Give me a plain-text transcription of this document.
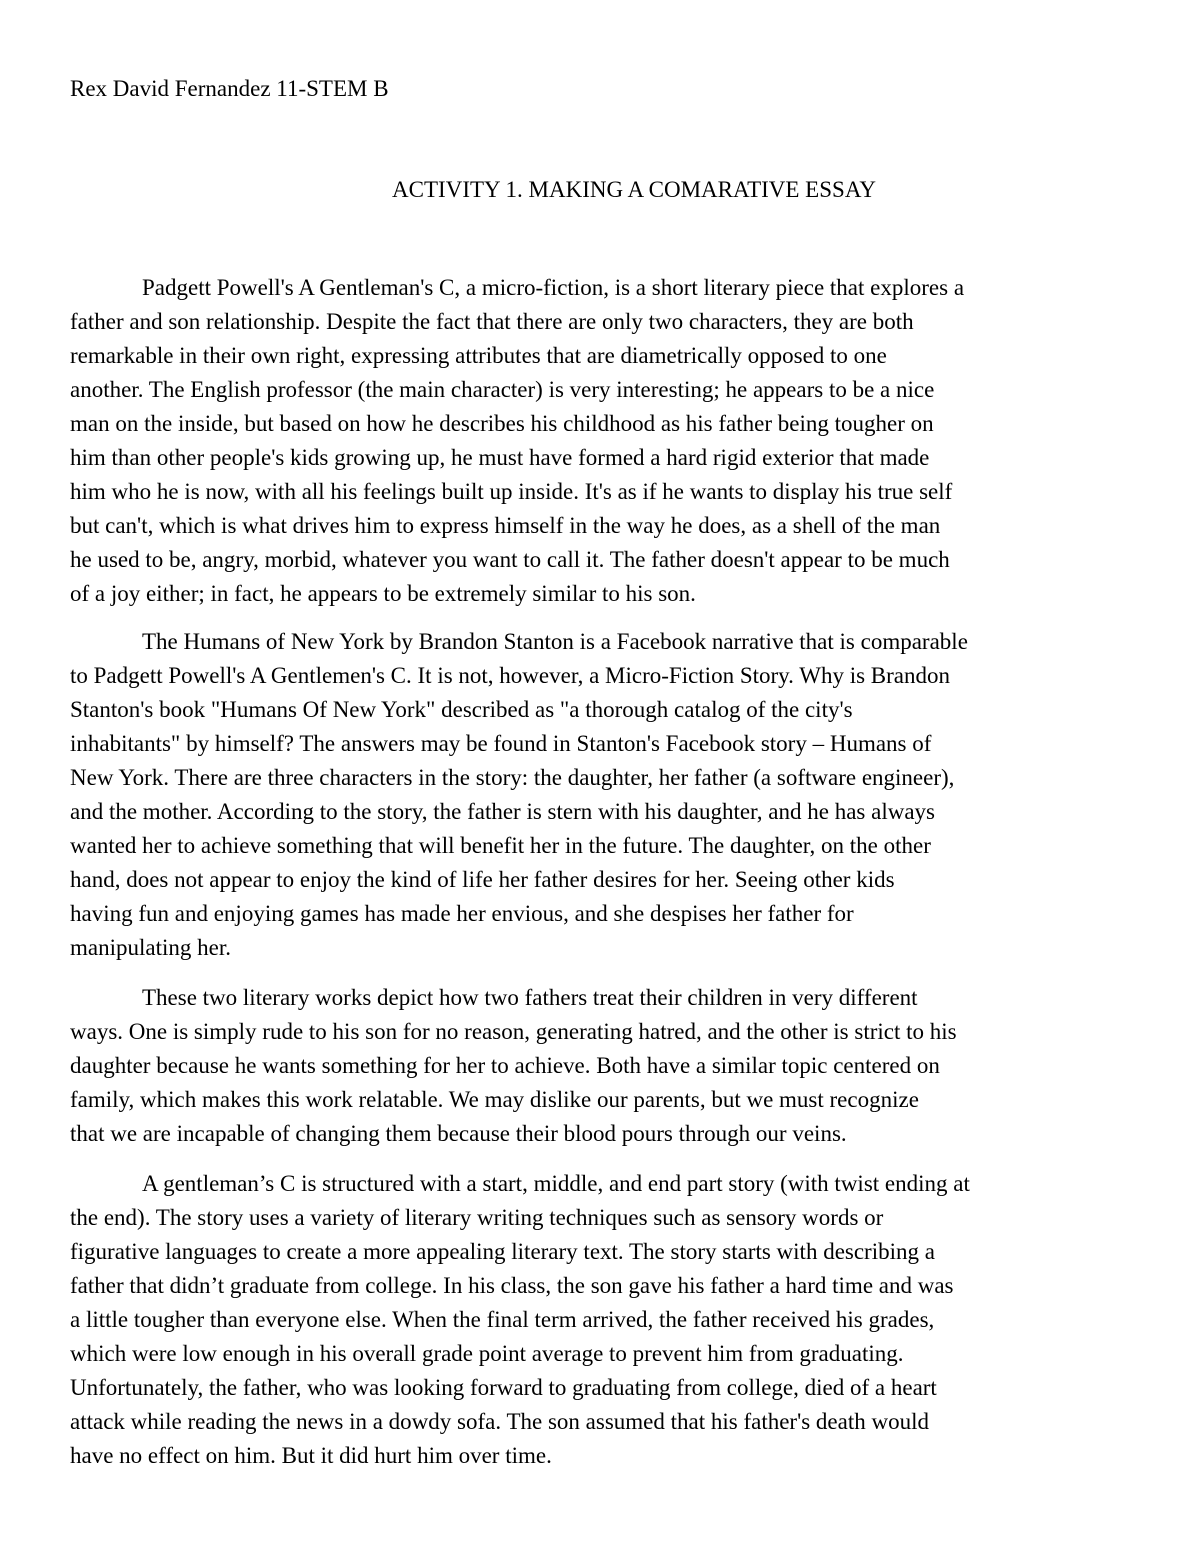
Rex David Fernandez 11-STEM B
ACTIVITY 1. MAKING A COMARATIVE ESSAY
Padgett Powell's A Gentleman's C, a micro-fiction, is a short literary piece that explores a
father and son relationship. Despite the fact that there are only two characters, they are both
remarkable in their own right, expressing attributes that are diametrically opposed to one
another. The English professor (the main character) is very interesting; he appears to be a nice
man on the inside, but based on how he describes his childhood as his father being tougher on
him than other people's kids growing up, he must have formed a hard rigid exterior that made
him who he is now, with all his feelings built up inside. It's as if he wants to display his true self
but can't, which is what drives him to express himself in the way he does, as a shell of the man
he used to be, angry, morbid, whatever you want to call it. The father doesn't appear to be much
of a joy either; in fact, he appears to be extremely similar to his son.
The Humans of New York by Brandon Stanton is a Facebook narrative that is comparable
to Padgett Powell's A Gentlemen's C. It is not, however, a Micro-Fiction Story. Why is Brandon
Stanton's book "Humans Of New York" described as "a thorough catalog of the city's
inhabitants" by himself? The answers may be found in Stanton's Facebook story – Humans of
New York. There are three characters in the story: the daughter, her father (a software engineer),
and the mother. According to the story, the father is stern with his daughter, and he has always
wanted her to achieve something that will benefit her in the future. The daughter, on the other
hand, does not appear to enjoy the kind of life her father desires for her. Seeing other kids
having fun and enjoying games has made her envious, and she despises her father for
manipulating her.
These two literary works depict how two fathers treat their children in very different
ways. One is simply rude to his son for no reason, generating hatred, and the other is strict to his
daughter because he wants something for her to achieve. Both have a similar topic centered on
family, which makes this work relatable. We may dislike our parents, but we must recognize
that we are incapable of changing them because their blood pours through our veins.
A gentleman’s C is structured with a start, middle, and end part story (with twist ending at
the end). The story uses a variety of literary writing techniques such as sensory words or
figurative languages to create a more appealing literary text. The story starts with describing a
father that didn’t graduate from college. In his class, the son gave his father a hard time and was
a little tougher than everyone else. When the final term arrived, the father received his grades,
which were low enough in his overall grade point average to prevent him from graduating.
Unfortunately, the father, who was looking forward to graduating from college, died of a heart
attack while reading the news in a dowdy sofa. The son assumed that his father's death would
have no effect on him. But it did hurt him over time.
